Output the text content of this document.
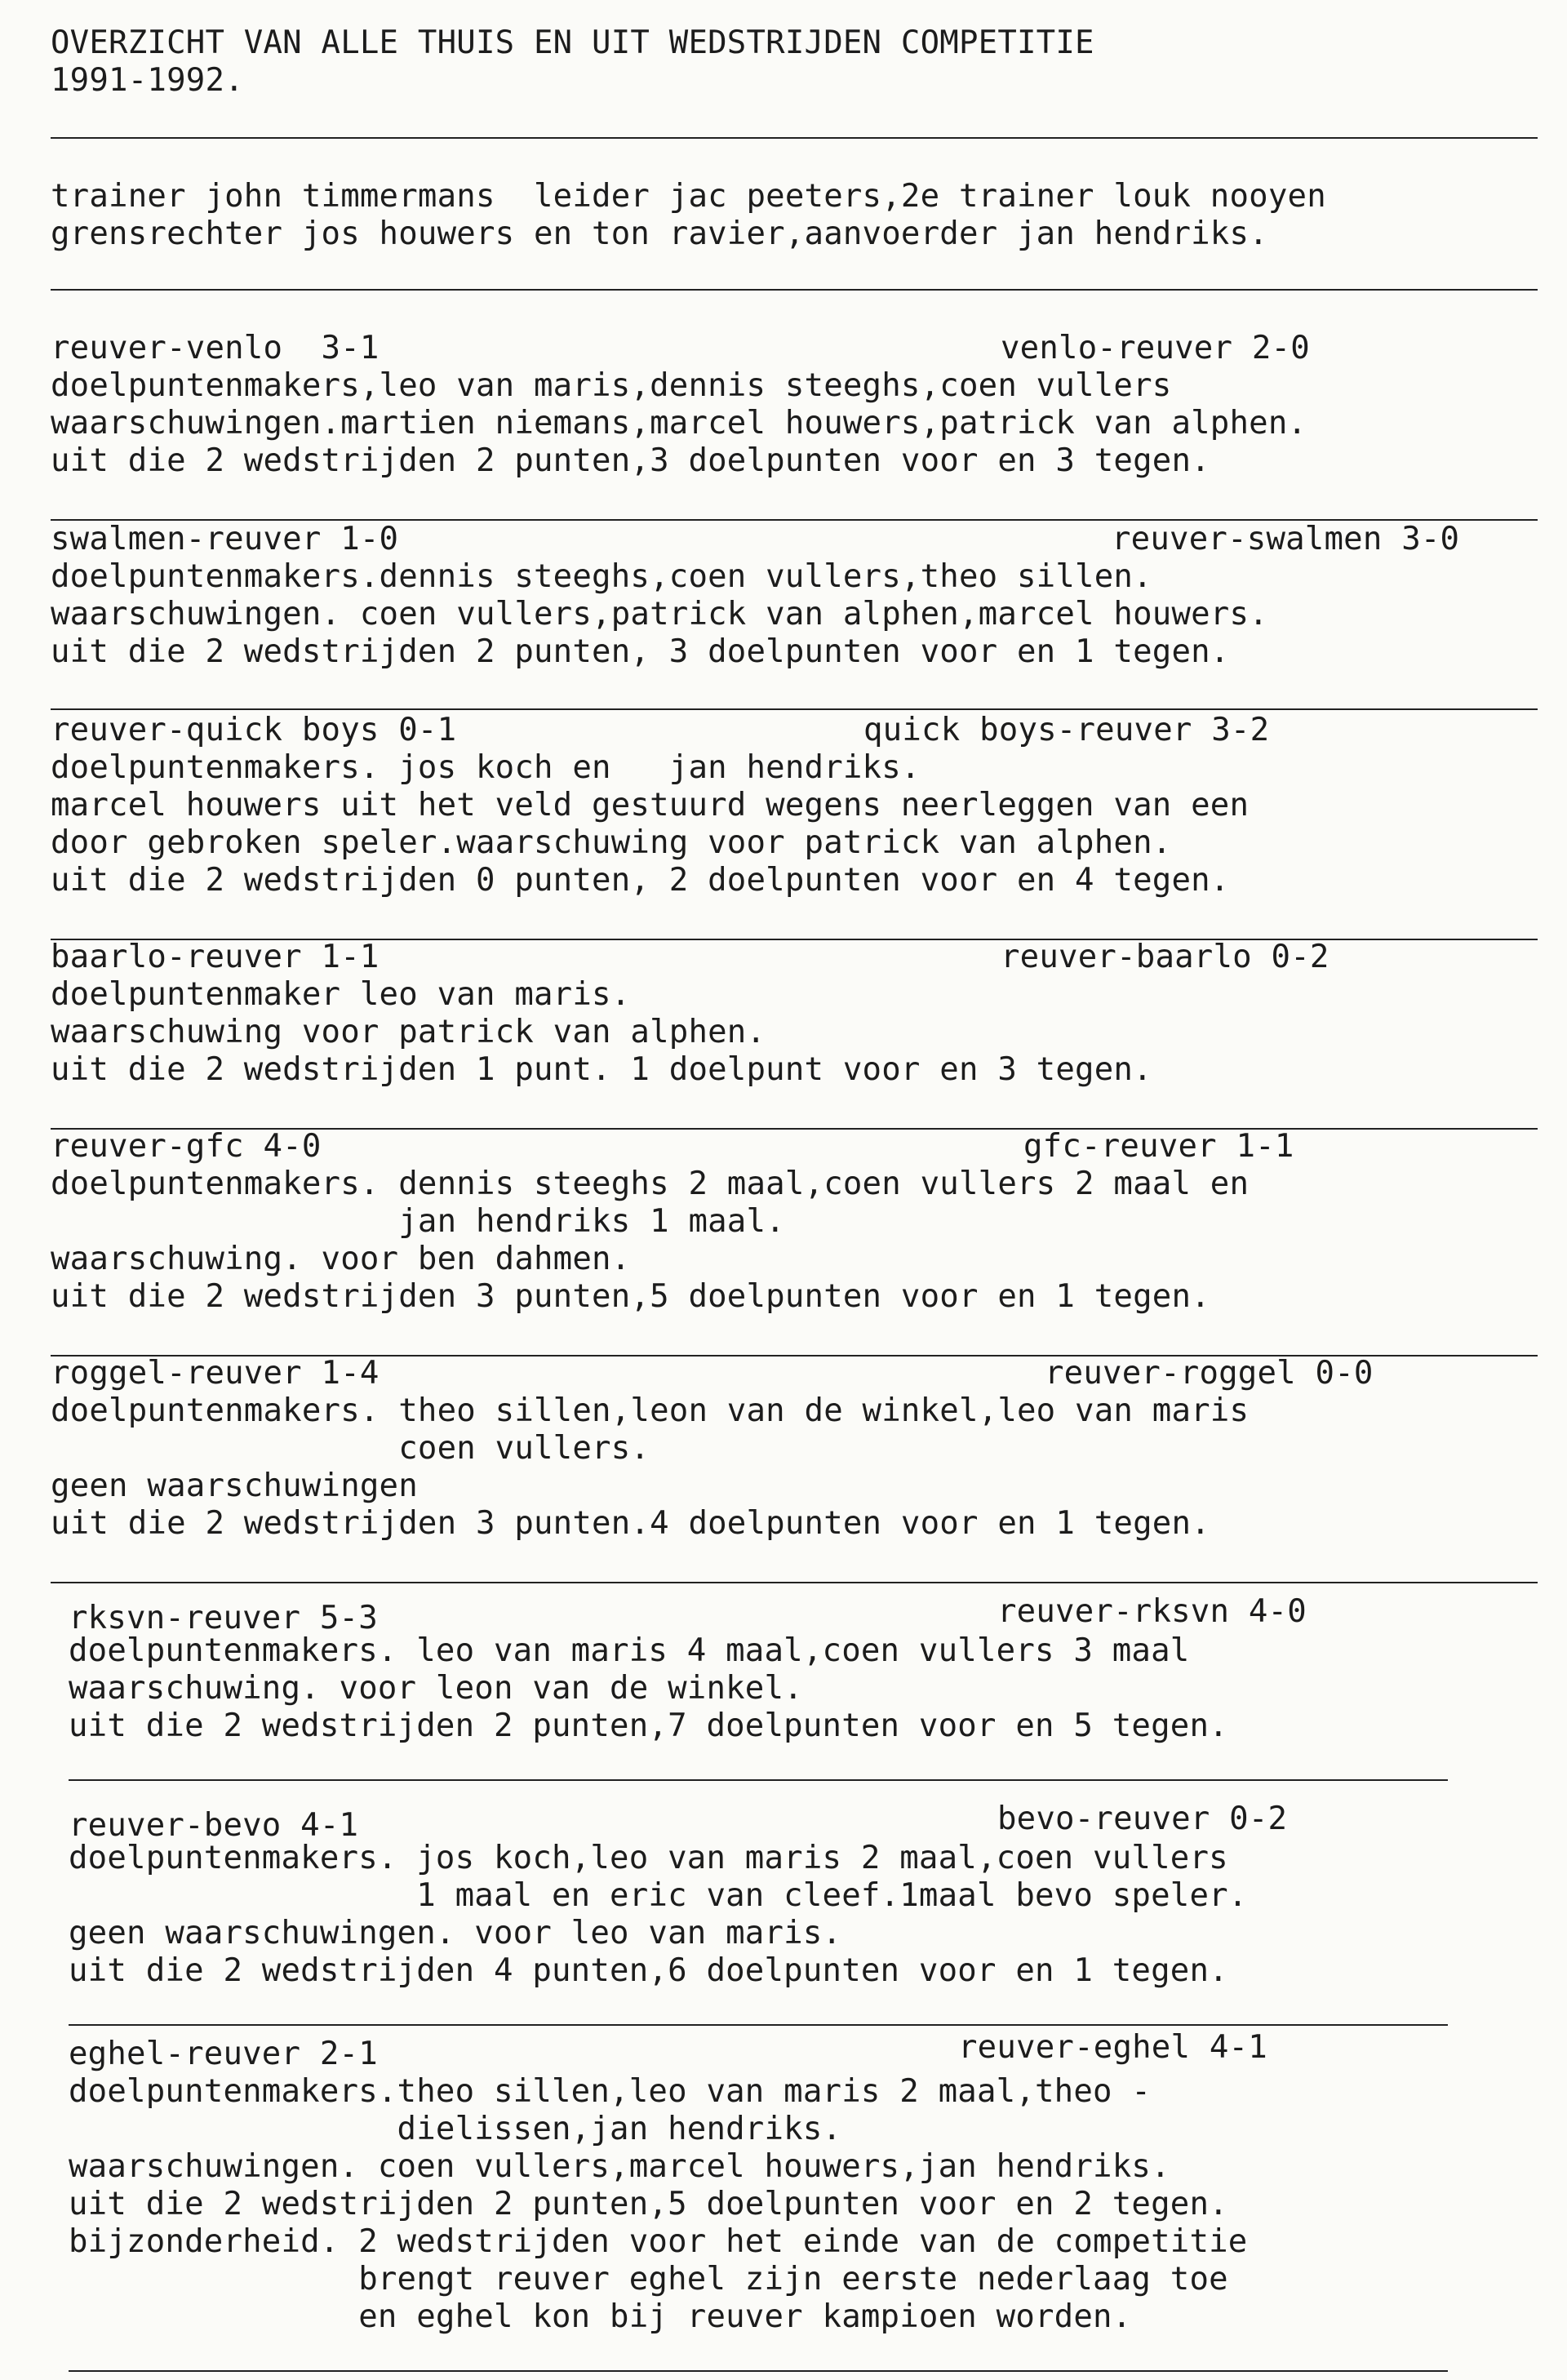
OVERZICHT VAN ALLE THUIS EN UIT WEDSTRIJDEN COMPETITIE
1991-1992.
trainer john timmermans  leider jac peeters,2e trainer louk nooyen
grensrechter jos houwers en ton ravier,aanvoerder jan hendriks.
reuver-venlo  3-1	venlo-reuver 2-0
doelpuntenmakers,leo van maris,dennis steeghs,coen vullers
waarschuwingen.martien niemans,marcel houwers,patrick van alphen.
uit die 2 wedstrijden 2 punten,3 doelpunten voor en 3 tegen.
swalmen-reuver 1-0	reuver-swalmen 3-0
doelpuntenmakers.dennis steeghs,coen vullers,theo sillen.
waarschuwingen. coen vullers,patrick van alphen,marcel houwers.
uit die 2 wedstrijden 2 punten, 3 doelpunten voor en 1 tegen.
reuver-quick boys 0-1	quick boys-reuver 3-2
doelpuntenmakers. jos koch en   jan hendriks.
marcel houwers uit het veld gestuurd wegens neerleggen van een
door gebroken speler.waarschuwing voor patrick van alphen.
uit die 2 wedstrijden 0 punten, 2 doelpunten voor en 4 tegen.
baarlo-reuver 1-1	reuver-baarlo 0-2
doelpuntenmaker leo van maris.
waarschuwing voor patrick van alphen.
uit die 2 wedstrijden 1 punt. 1 doelpunt voor en 3 tegen.
reuver-gfc 4-0	gfc-reuver 1-1
doelpuntenmakers. dennis steeghs 2 maal,coen vullers 2 maal en
jan hendriks 1 maal.
waarschuwing. voor ben dahmen.
uit die 2 wedstrijden 3 punten,5 doelpunten voor en 1 tegen.
roggel-reuver 1-4	reuver-roggel 0-0
doelpuntenmakers. theo sillen,leon van de winkel,leo van maris
coen vullers.
geen waarschuwingen
uit die 2 wedstrijden 3 punten.4 doelpunten voor en 1 tegen.
rksvn-reuver 5-3	reuver-rksvn 4-0
doelpuntenmakers. leo van maris 4 maal,coen vullers 3 maal
waarschuwing. voor leon van de winkel.
uit die 2 wedstrijden 2 punten,7 doelpunten voor en 5 tegen.
reuver-bevo 4-1	bevo-reuver 0-2
doelpuntenmakers. jos koch,leo van maris 2 maal,coen vullers
1 maal en eric van cleef.1maal bevo speler.
geen waarschuwingen. voor leo van maris.
uit die 2 wedstrijden 4 punten,6 doelpunten voor en 1 tegen.
eghel-reuver 2-1	reuver-eghel 4-1
doelpuntenmakers.theo sillen,leo van maris 2 maal,theo -
dielissen,jan hendriks.
waarschuwingen. coen vullers,marcel houwers,jan hendriks.
uit die 2 wedstrijden 2 punten,5 doelpunten voor en 2 tegen.
bijzonderheid. 2 wedstrijden voor het einde van de competitie
brengt reuver eghel zijn eerste nederlaag toe
en eghel kon bij reuver kampioen worden.
